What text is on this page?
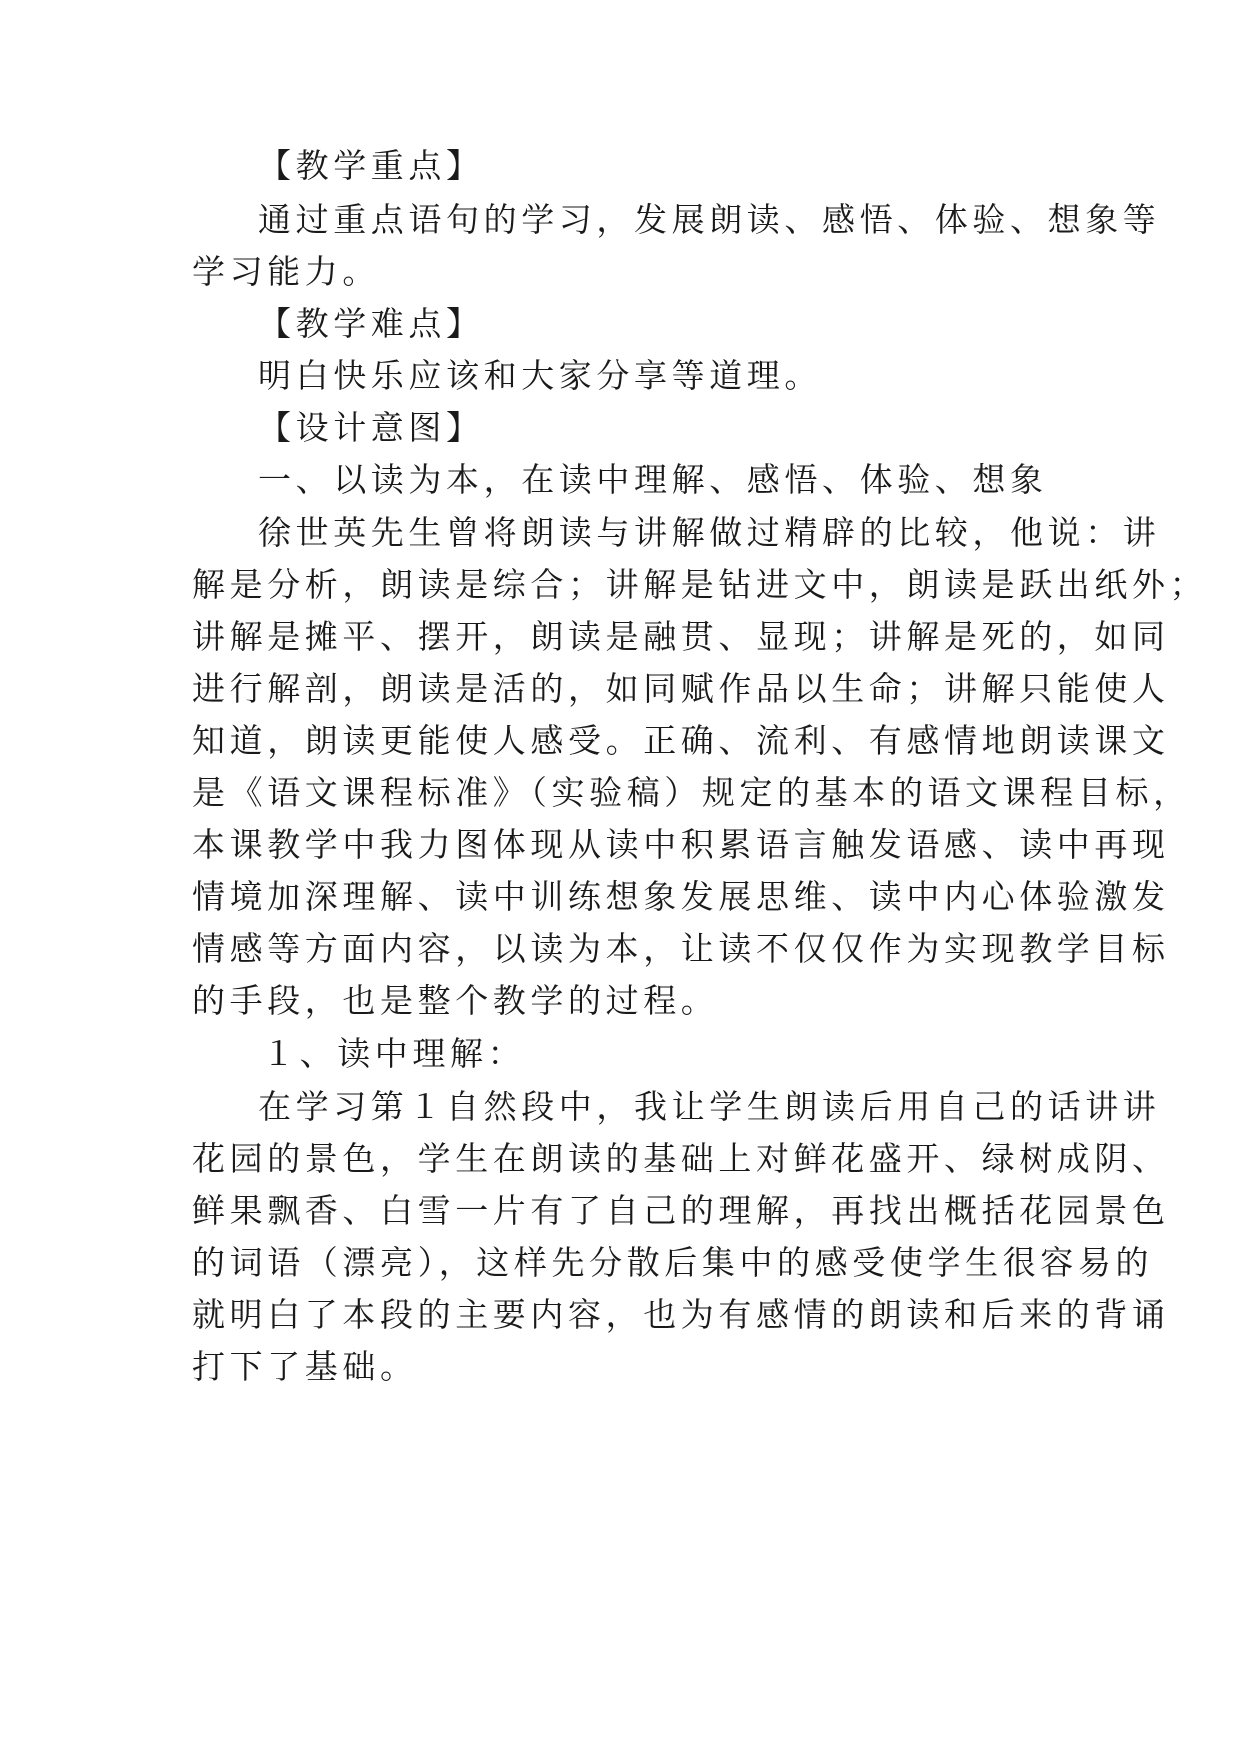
【教学重点】
通过重点语句的学习，发展朗读、感悟、体验、想象等
学习能力。
【教学难点】
明白快乐应该和大家分享等道理。
【设计意图】
一、以读为本，在读中理解、感悟、体验、想象
徐世英先生曾将朗读与讲解做过精辟的比较，他说：讲
解是分析，朗读是综合；讲解是钻进文中，朗读是跃出纸外；
讲解是摊平、摆开，朗读是融贯、显现；讲解是死的，如同
进行解剖，朗读是活的，如同赋作品以生命；讲解只能使人
知道，朗读更能使人感受。正确、流利、有感情地朗读课文
是《语文课程标准》（实验稿）规定的基本的语文课程目标，
本课教学中我力图体现从读中积累语言触发语感、读中再现
情境加深理解、读中训练想象发展思维、读中内心体验激发
情感等方面内容，以读为本，让读不仅仅作为实现教学目标
的手段，也是整个教学的过程。
１、读中理解：
在学习第１自然段中，我让学生朗读后用自己的话讲讲
花园的景色，学生在朗读的基础上对鲜花盛开、绿树成阴、
鲜果飘香、白雪一片有了自己的理解，再找出概括花园景色
的词语（漂亮），这样先分散后集中的感受使学生很容易的
就明白了本段的主要内容，也为有感情的朗读和后来的背诵
打下了基础。
